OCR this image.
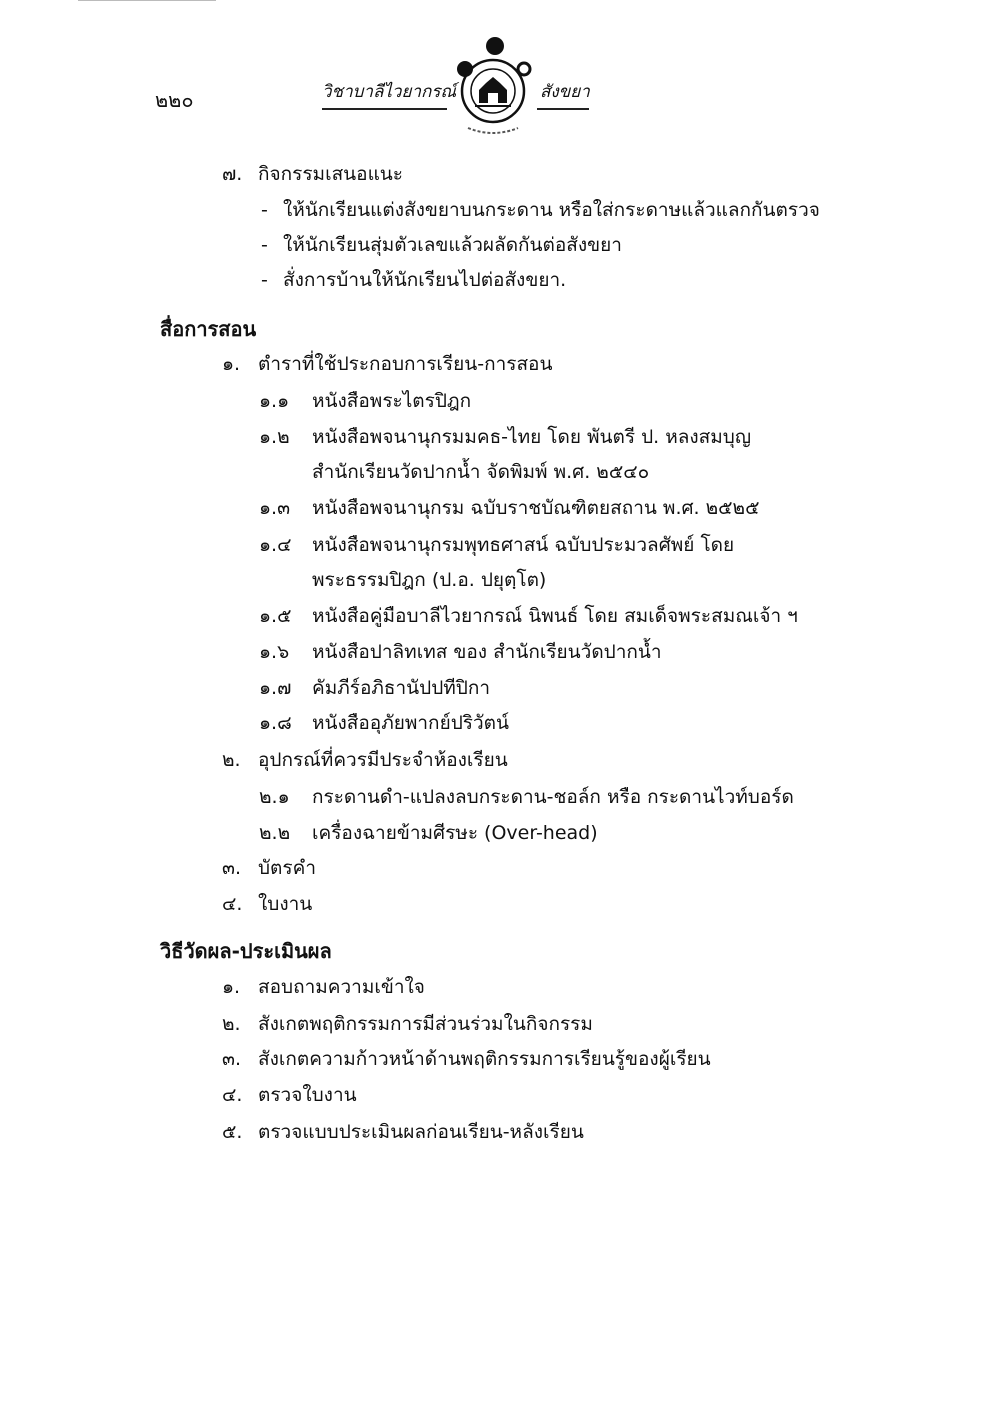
๒๒๐	วิชาบาลีไวยากรณ์	สังขยา
๗. กิจกรรมเสนอแนะ
- ให้นักเรียนแต่งสังขยาบนกระดาน หรือใส่กระดาษแล้วแลกกันตรวจ
- ให้นักเรียนสุ่มตัวเลขแล้วผลัดกันต่อสังขยา
- สั่งการบ้านให้นักเรียนไปต่อสังขยา.
สื่อการสอน
๑. ตำราที่ใช้ประกอบการเรียน-การสอน
๑.๑ หนังสือพระไตรปิฎก
๑.๒ หนังสือพจนานุกรมมคธ-ไทย โดย พันตรี ป. หลงสมบุญ
สำนักเรียนวัดปากน้ำ จัดพิมพ์ พ.ศ. ๒๕๔๐
๑.๓ หนังสือพจนานุกรม ฉบับราชบัณฑิตยสถาน พ.ศ. ๒๕๒๕
๑.๔ หนังสือพจนานุกรมพุทธศาสน์ ฉบับประมวลศัพย์ โดย
พระธรรมปิฎก (ป.อ. ปยุตฺโต)
๑.๕ หนังสือคู่มือบาลีไวยากรณ์ นิพนธ์ โดย สมเด็จพระสมณเจ้า ฯ
๑.๖ หนังสือปาลิทเทส ของ สำนักเรียนวัดปากน้ำ
๑.๗ คัมภีร์อภิธานัปปทีปิกา
๑.๘ หนังสืออุภัยพากย์ปริวัตน์
๒. อุปกรณ์ที่ควรมีประจำห้องเรียน
๒.๑ กระดานดำ-แปลงลบกระดาน-ชอล์ก หรือ กระดานไวท์บอร์ด
๒.๒ เครื่องฉายข้ามศีรษะ (Over-head)
๓. บัตรคำ
๔. ใบงาน
วิธีวัดผล-ประเมินผล
๑. สอบถามความเข้าใจ
๒. สังเกตพฤติกรรมการมีส่วนร่วมในกิจกรรม
๓. สังเกตความก้าวหน้าด้านพฤติกรรมการเรียนรู้ของผู้เรียน
๔. ตรวจใบงาน
๕. ตรวจแบบประเมินผลก่อนเรียน-หลังเรียน
